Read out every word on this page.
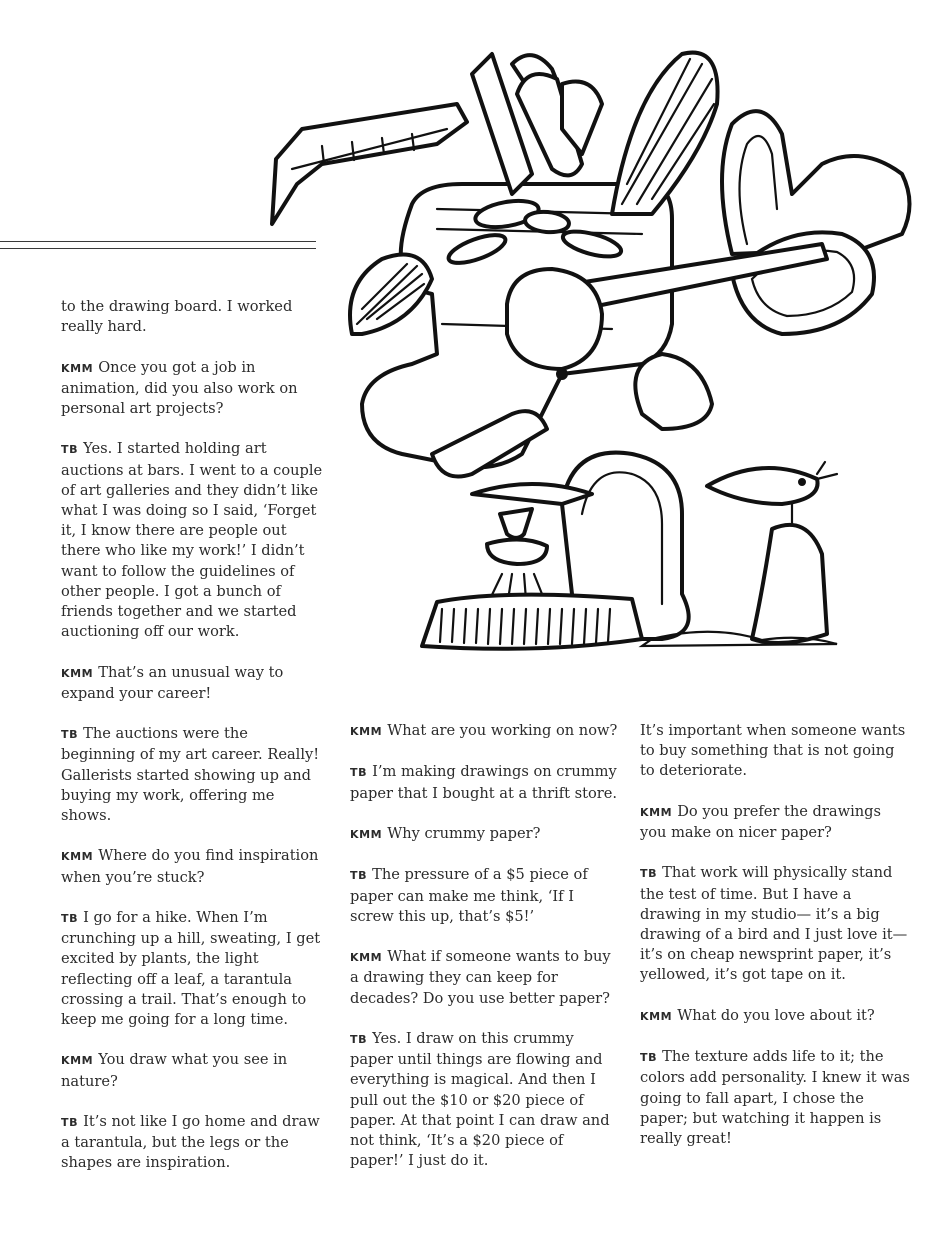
to the drawing board. I worked really hard.

KMM Once you got a job in animation, did you also work on personal art projects?

TB Yes. I started holding art auctions at bars. I went to a couple of art galleries and they didn’t like what I was doing so I said, ‘Forget it, I know there are people out there who like my work!’ I didn’t want to follow the guidelines of other people. I got a bunch of friends together and we started auctioning off our work.

KMM That’s an unusual way to expand your career!

TB The auctions were the beginning of my art career. Really! Gallerists started showing up and buying my work, offering me shows.

KMM Where do you find inspiration when you’re stuck?

TB I go for a hike. When I’m crunching up a hill, sweating, I get excited by plants, the light reflecting off a leaf, a tarantula crossing a trail. That’s enough to keep me going for a long time.

KMM You draw what you see in nature?

TB It’s not like I go home and draw a tarantula, but the legs or the shapes are inspiration.

KMM What are you working on now?

TB I’m making drawings on crummy paper that I bought at a thrift store.

KMM Why crummy paper?

TB The pressure of a $5 piece of paper can make me think, ‘If I screw this up, that’s $5!’

KMM What if someone wants to buy a drawing they can keep for decades? Do you use better paper?

TB Yes. I draw on this crummy paper until things are flowing and everything is magical. And then I pull out the $10 or $20 piece of paper. At that point I can draw and not think, ‘It’s a $20 piece of paper!’ I just do it.

It’s important when someone wants to buy something that is not going to deteriorate.

KMM Do you prefer the drawings you make on nicer paper?

TB That work will physically stand the test of time. But I have a drawing in my studio— it’s a big drawing of a bird and I just love it—it’s on cheap newsprint paper, it’s yellowed, it’s got tape on it.

KMM What do you love about it?

TB The texture adds life to it; the colors add personality. I knew it was going to fall apart, I chose the paper; but watching it happen is really great!
